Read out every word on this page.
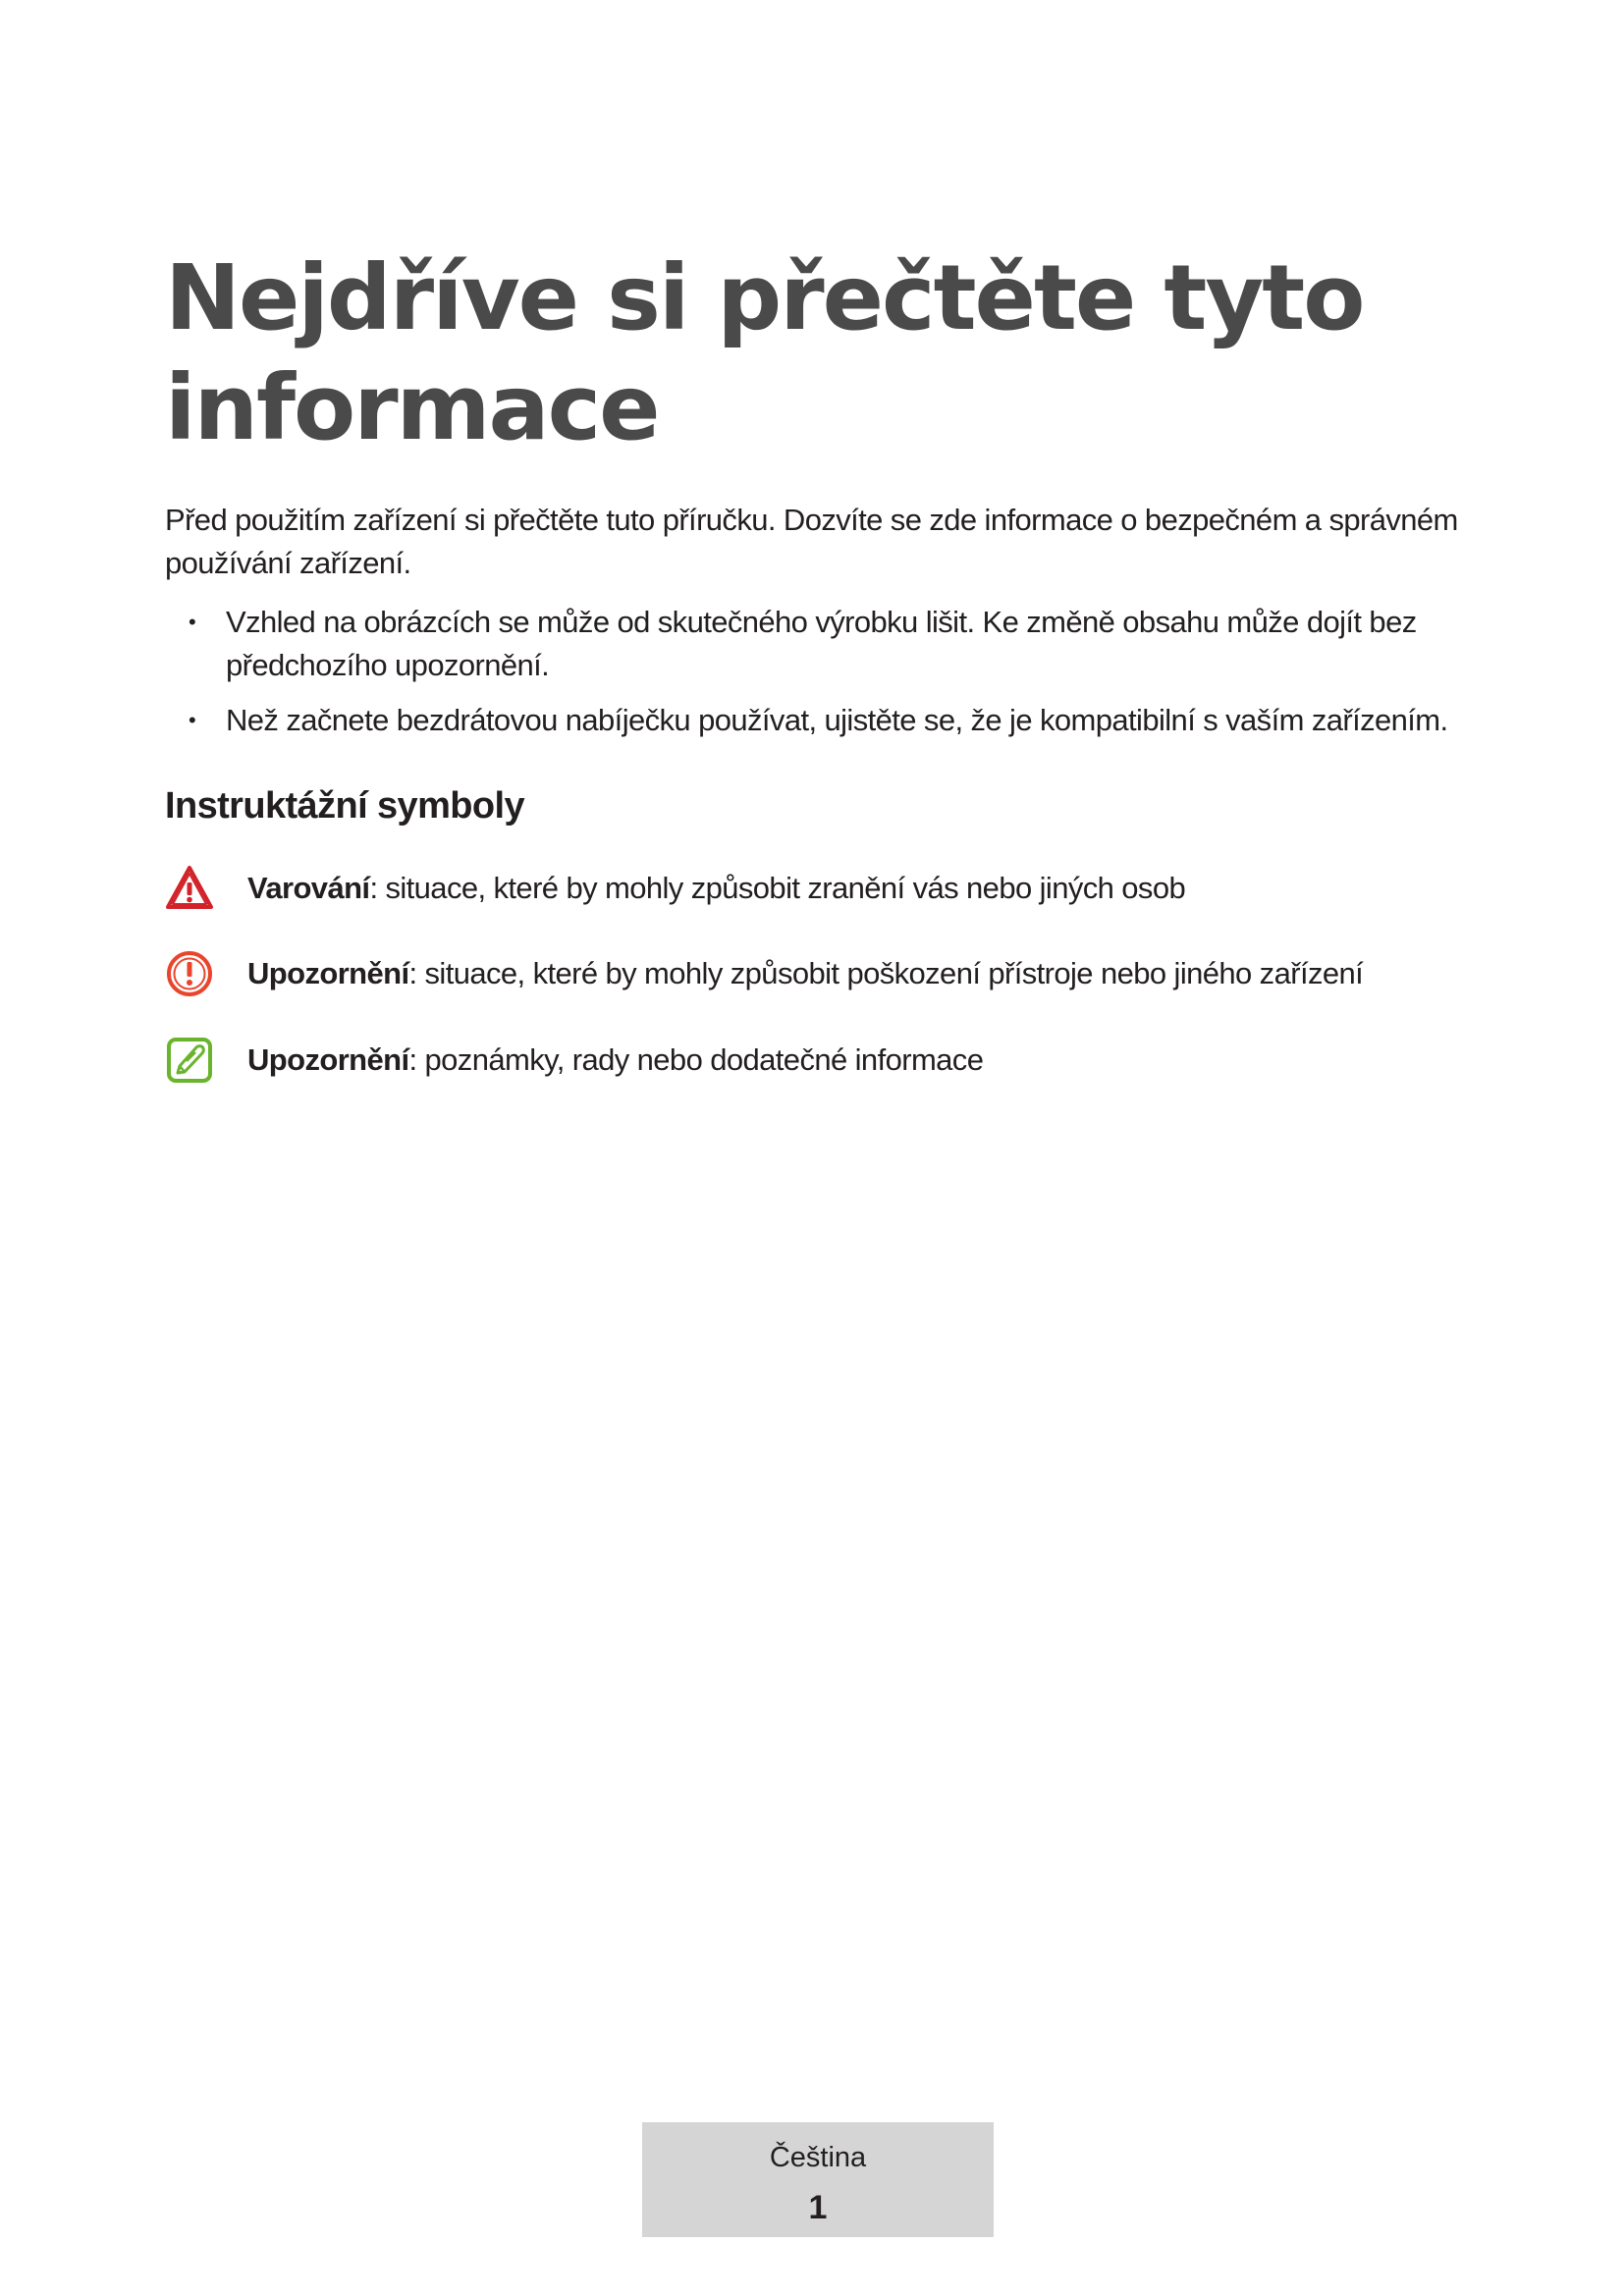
Nejdříve si přečtěte tyto informace

Před použitím zařízení si přečtěte tuto příručku. Dozvíte se zde informace o bezpečném a správném používání zařízení.

• Vzhled na obrázcích se může od skutečného výrobku lišit. Ke změně obsahu může dojít bez předchozího upozornění.
• Než začnete bezdrátovou nabíječku používat, ujistěte se, že je kompatibilní s vaším zařízením.
Instruktážní symboly
Varování: situace, které by mohly způsobit zranění vás nebo jiných osob
Upozornění: situace, které by mohly způsobit poškození přístroje nebo jiného zařízení
Upozornění: poznámky, rady nebo dodatečné informace
Čeština
1
